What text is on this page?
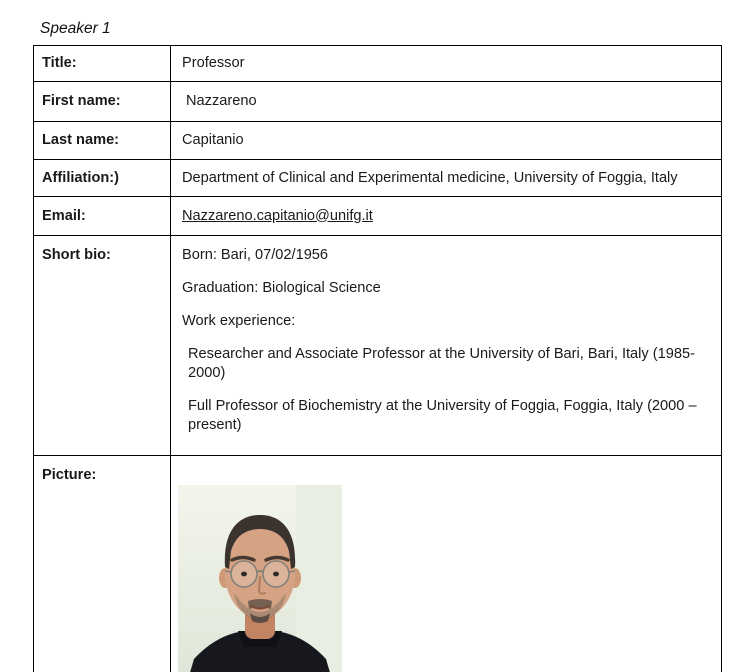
Speaker 1
Title:	Professor
First name:	Nazzareno
Last name:	Capitanio
Affiliation:)	Department of Clinical and Experimental medicine, University of Foggia, Italy
Email:	Nazzareno.capitanio@unifg.it
Short bio:	Born: Bari, 07/02/1956

Graduation: Biological Science

Work experience:

Researcher and Associate Professor at the University of Bari, Bari, Italy (1985-2000)

Full Professor of Biochemistry at the University of Foggia, Foggia, Italy (2000 – present)

Picture:	
